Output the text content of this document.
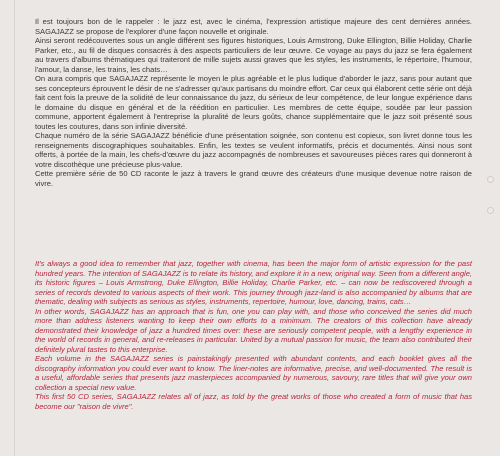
Il est toujours bon de le rappeler : le jazz est, avec le cinéma, l'expression artistique majeure des cent dernières années. SAGAJAZZ se propose de l'explorer d'une façon nouvelle et originale.

Ainsi seront redécouvertes sous un angle différent ses figures historiques, Louis Armstrong, Duke Ellington, Billie Holiday, Charlie Parker, etc., au fil de disques consacrés à des aspects particuliers de leur œuvre. Ce voyage au pays du jazz se fera également au travers d'albums thématiques qui traiteront de mille sujets aussi graves que les styles, les instruments, le répertoire, l'humour, l'amour, la danse, les trains, les chats…

On aura compris que SAGAJAZZ représente le moyen le plus agréable et le plus ludique d'aborder le jazz, sans pour autant que ses concepteurs éprouvent le désir de ne s'adresser qu'aux partisans du moindre effort. Car ceux qui élaborent cette série ont déjà fait cent fois la preuve de la solidité de leur connaissance du jazz, du sérieux de leur compétence, de leur longue expérience dans le domaine du disque en général et de la réédition en particulier. Les membres de cette équipe, soudée par leur passion commune, apportent également à l'entreprise la pluralité de leurs goûts, chance supplémentaire que le jazz soit présenté sous toutes les coutures, dans son infinie diversité.

Chaque numéro de la série SAGAJAZZ bénéficie d'une présentation soignée, son contenu est copieux, son livret donne tous les renseignements discographiques souhaitables. Enfin, les textes se veulent informatifs, précis et documentés. Ainsi nous sont offerts, à portée de la main, les chefs-d'œuvre du jazz accompagnés de nombreuses et savoureuses pièces rares qui donneront à votre discothèque une précieuse plus-value.

Cette première série de 50 CD raconte le jazz à travers le grand œuvre des créateurs d'une musique devenue notre raison de vivre.

It's always a good idea to remember that jazz, together with cinema, has been the major form of artistic expression for the past hundred years. The intention of SAGAJAZZ is to relate its history, and explore it in a new, original way. Seen from a different angle, its historic figures – Louis Armstrong, Duke Ellington, Billie Holiday, Charlie Parker, etc. – can now be rediscovered through a series of records devoted to various aspects of their work. This journey through jazz-land is also accompanied by albums that are thematic, dealing with subjects as serious as styles, instruments, repertoire, humour, love, dancing, trains, cats…

In other words, SAGAJAZZ has an approach that is fun, one you can play with, and those who conceived the series did much more than address listeners wanting to keep their own efforts to a minimum. The creators of this collection have already demonstrated their knowledge of jazz a hundred times over: these are seriously competent people, with a lengthy experience in the world of records in general, and re-releases in particular. United by a mutual passion for music, the team also contributed their definitely plural tastes to this enterprise.

Each volume in the SAGAJAZZ series is painstakingly presented with abundant contents, and each booklet gives all the discography information you could ever want to know. The liner-notes are informative, precise, and well-documented. The result is a useful, affordable series that presents jazz masterpieces accompanied by numerous, savoury, rare titles that will give your own collection a special new value.

This first 50 CD series, SAGAJAZZ relates all of jazz, as told by the great works of those who created a form of music that has become our "raison de vivre".
